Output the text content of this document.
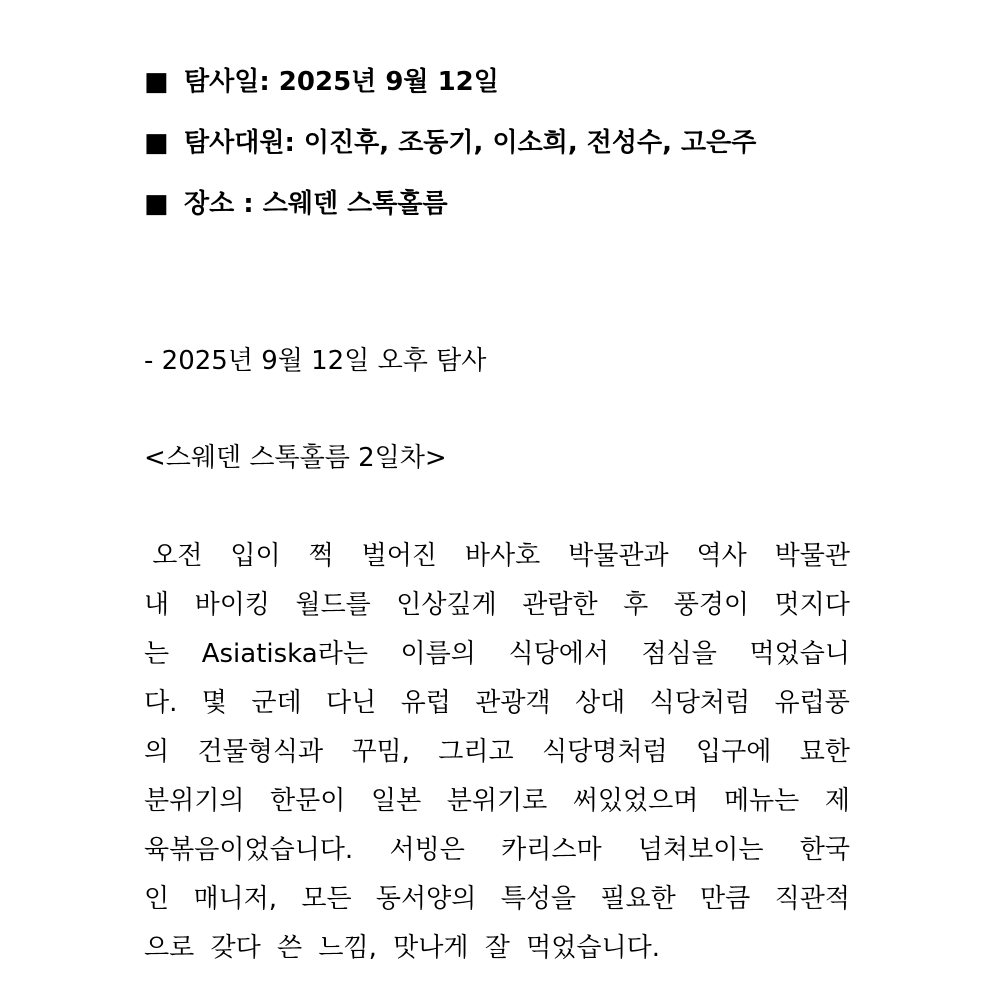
■ 탐사일: 2025년 9월 12일
■ 탐사대원: 이진후, 조동기, 이소희, 전성수, 고은주
■ 장소 : 스웨덴 스톡홀름
- 2025년 9월 12일 오후 탐사
<스웨덴 스톡홀름 2일차>
오전 입이 쩍 벌어진 바사호 박물관과 역사 박물관
내 바이킹 월드를 인상깊게 관람한 후 풍경이 멋지다
는 Asiatiska라는 이름의 식당에서 점심을 먹었습니
다. 몇 군데 다닌 유럽 관광객 상대 식당처럼 유럽풍
의 건물형식과 꾸밈, 그리고 식당명처럼 입구에 묘한
분위기의 한문이 일본 분위기로 써있었으며 메뉴는 제
육볶음이었습니다. 서빙은 카리스마 넘쳐보이는 한국
인 매니저, 모든 동서양의 특성을 필요한 만큼 직관적
으로 갖다 쓴 느낌, 맛나게 잘 먹었습니다.
